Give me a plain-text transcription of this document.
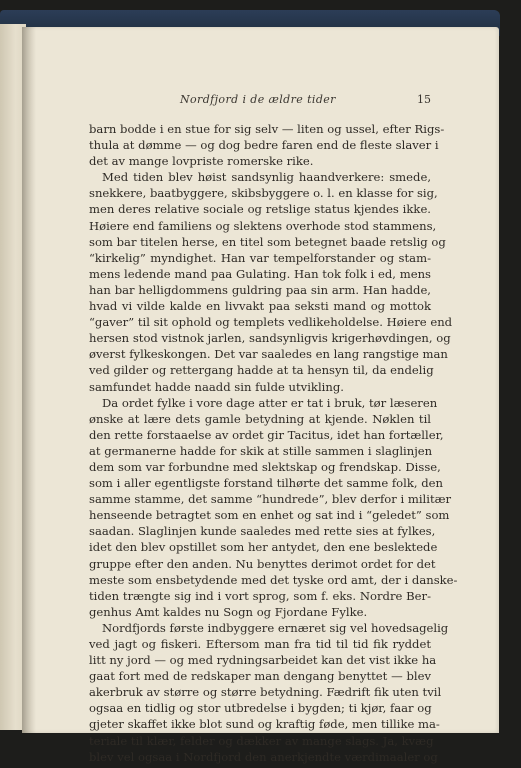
Nordfjord i de ældre tider	15
barn bodde i en stue for sig selv — liten og ussel, efter Rigs-
thula at dømme — og dog bedre faren end de fleste slaver i
det av mange lovpriste romerske rike.
Med tiden blev høist sandsynlig haandverkere: smede,
snekkere, baatbyggere, skibsbyggere o. l. en klasse for sig,
men deres relative sociale og retslige status kjendes ikke.
Høiere end familiens og slektens overhode stod stammens,
som bar titelen herse, en titel som betegnet baade retslig og
“kirkelig” myndighet. Han var tempelforstander og stam-
mens ledende mand paa Gulating. Han tok folk i ed, mens
han bar helligdommens guldring paa sin arm. Han hadde,
hvad vi vilde kalde en livvakt paa seksti mand og mottok
“gaver” til sit ophold og templets vedlikeholdelse. Høiere end
hersen stod vistnok jarlen, sandsynligvis krigerhøvdingen, og
øverst fylkeskongen. Det var saaledes en lang rangstige man
ved gilder og rettergang hadde at ta hensyn til, da endelig
samfundet hadde naadd sin fulde utvikling.
Da ordet fylke i vore dage atter er tat i bruk, tør læseren
ønske at lære dets gamle betydning at kjende. Nøklen til
den rette forstaaelse av ordet gir Tacitus, idet han fortæller,
at germanerne hadde for skik at stille sammen i slaglinjen
dem som var forbundne med slektskap og frendskap. Disse,
som i aller egentligste forstand tilhørte det samme folk, den
samme stamme, det samme “hundrede”, blev derfor i militær
henseende betragtet som en enhet og sat ind i “geledet” som
saadan. Slaglinjen kunde saaledes med rette sies at fylkes,
idet den blev opstillet som her antydet, den ene beslektede
gruppe efter den anden. Nu benyttes derimot ordet for det
meste som ensbetydende med det tyske ord amt, der i danske-
tiden trængte sig ind i vort sprog, som f. eks. Nordre Ber-
genhus Amt kaldes nu Sogn og Fjordane Fylke.
Nordfjords første indbyggere ernæret sig vel hovedsagelig
ved jagt og fiskeri. Eftersom man fra tid til tid fik ryddet
litt ny jord — og med rydningsarbeidet kan det vist ikke ha
gaat fort med de redskaper man dengang benyttet — blev
akerbruk av større og større betydning. Fædrift fik uten tvil
ogsaa en tidlig og stor utbredelse i bygden; ti kjør, faar og
gjeter skaffet ikke blot sund og kraftig føde, men tillike ma-
teriale til klær, felder og dækker av mange slags. Ja, kvæg
blev vel ogsaa i Nordfjord den anerkjendte værdimaaler og
